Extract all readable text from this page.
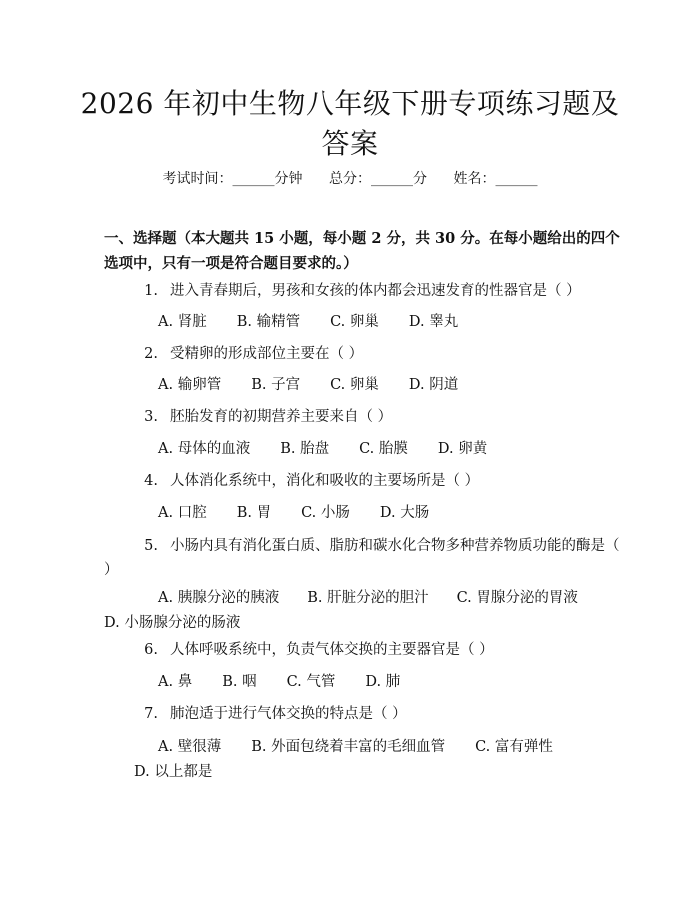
2026 年初中生物八年级下册专项练习题及答案
考试时间：______分钟 总分：______分 姓名：______
一、选择题（本大题共 15 小题，每小题 2 分，共 30 分。在每小题给出的四个选项中，只有一项是符合题目要求的。）
1. 进入青春期后，男孩和女孩的体内都会迅速发育的性器官是（ ）
A. 肾脏 B. 输精管 C. 卵巢 D. 睾丸
2. 受精卵的形成部位主要在（ ）
A. 输卵管 B. 子宫 C. 卵巢 D. 阴道
3. 胚胎发育的初期营养主要来自（ ）
A. 母体的血液 B. 胎盘 C. 胎膜 D. 卵黄
4. 人体消化系统中，消化和吸收的主要场所是（ ）
A. 口腔 B. 胃 C. 小肠 D. 大肠
5. 小肠内具有消化蛋白质、脂肪和碳水化合物多种营养物质功能的酶是（ ）
A. 胰腺分泌的胰液 B. 肝脏分泌的胆汁 C. 胃腺分泌的胃液D. 小肠腺分泌的肠液
6. 人体呼吸系统中，负责气体交换的主要器官是（ ）
A. 鼻 B. 咽 C. 气管 D. 肺
7. 肺泡适于进行气体交换的特点是（ ）
A. 壁很薄 B. 外面包绕着丰富的毛细血管 C. 富有弹性D. 以上都是
